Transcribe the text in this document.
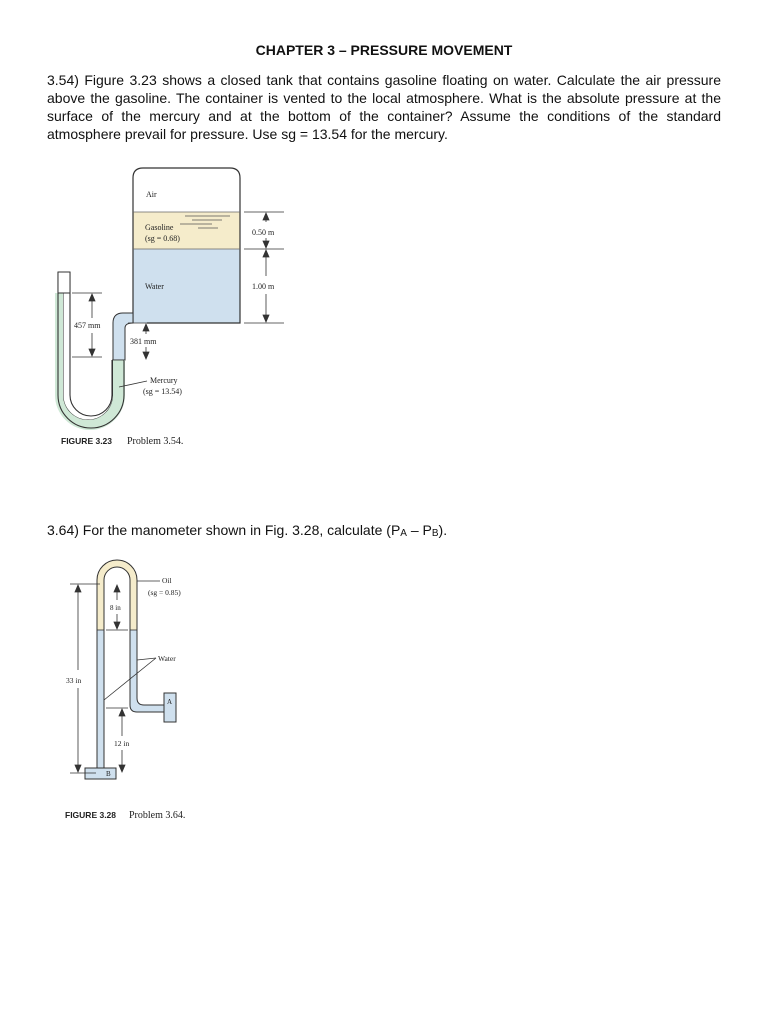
CHAPTER 3 – PRESSURE MOVEMENT
3.54) Figure 3.23 shows a closed tank that contains gasoline floating on water. Calculate the air pressure above the gasoline. The container is vented to the local atmosphere. What is the absolute pressure at the surface of the mercury and at the bottom of the container? Assume the conditions of the standard atmosphere prevail for pressure. Use sg = 13.54 for the mercury.
0.50 m
1.00 m
457 mm
381 mm
Air
Gasoline
(sg = 0.68)
Water
Mercury
(sg = 13.54)
FIGURE 3.23 Problem 3.54.
3.64) For the manometer shown in Fig. 3.28, calculate $(P_A - P_B)$.
A
B
33 in
8 in
12 in
Oil
(sg = 0.85)
Water
FIGURE 3.28 Problem 3.64.
